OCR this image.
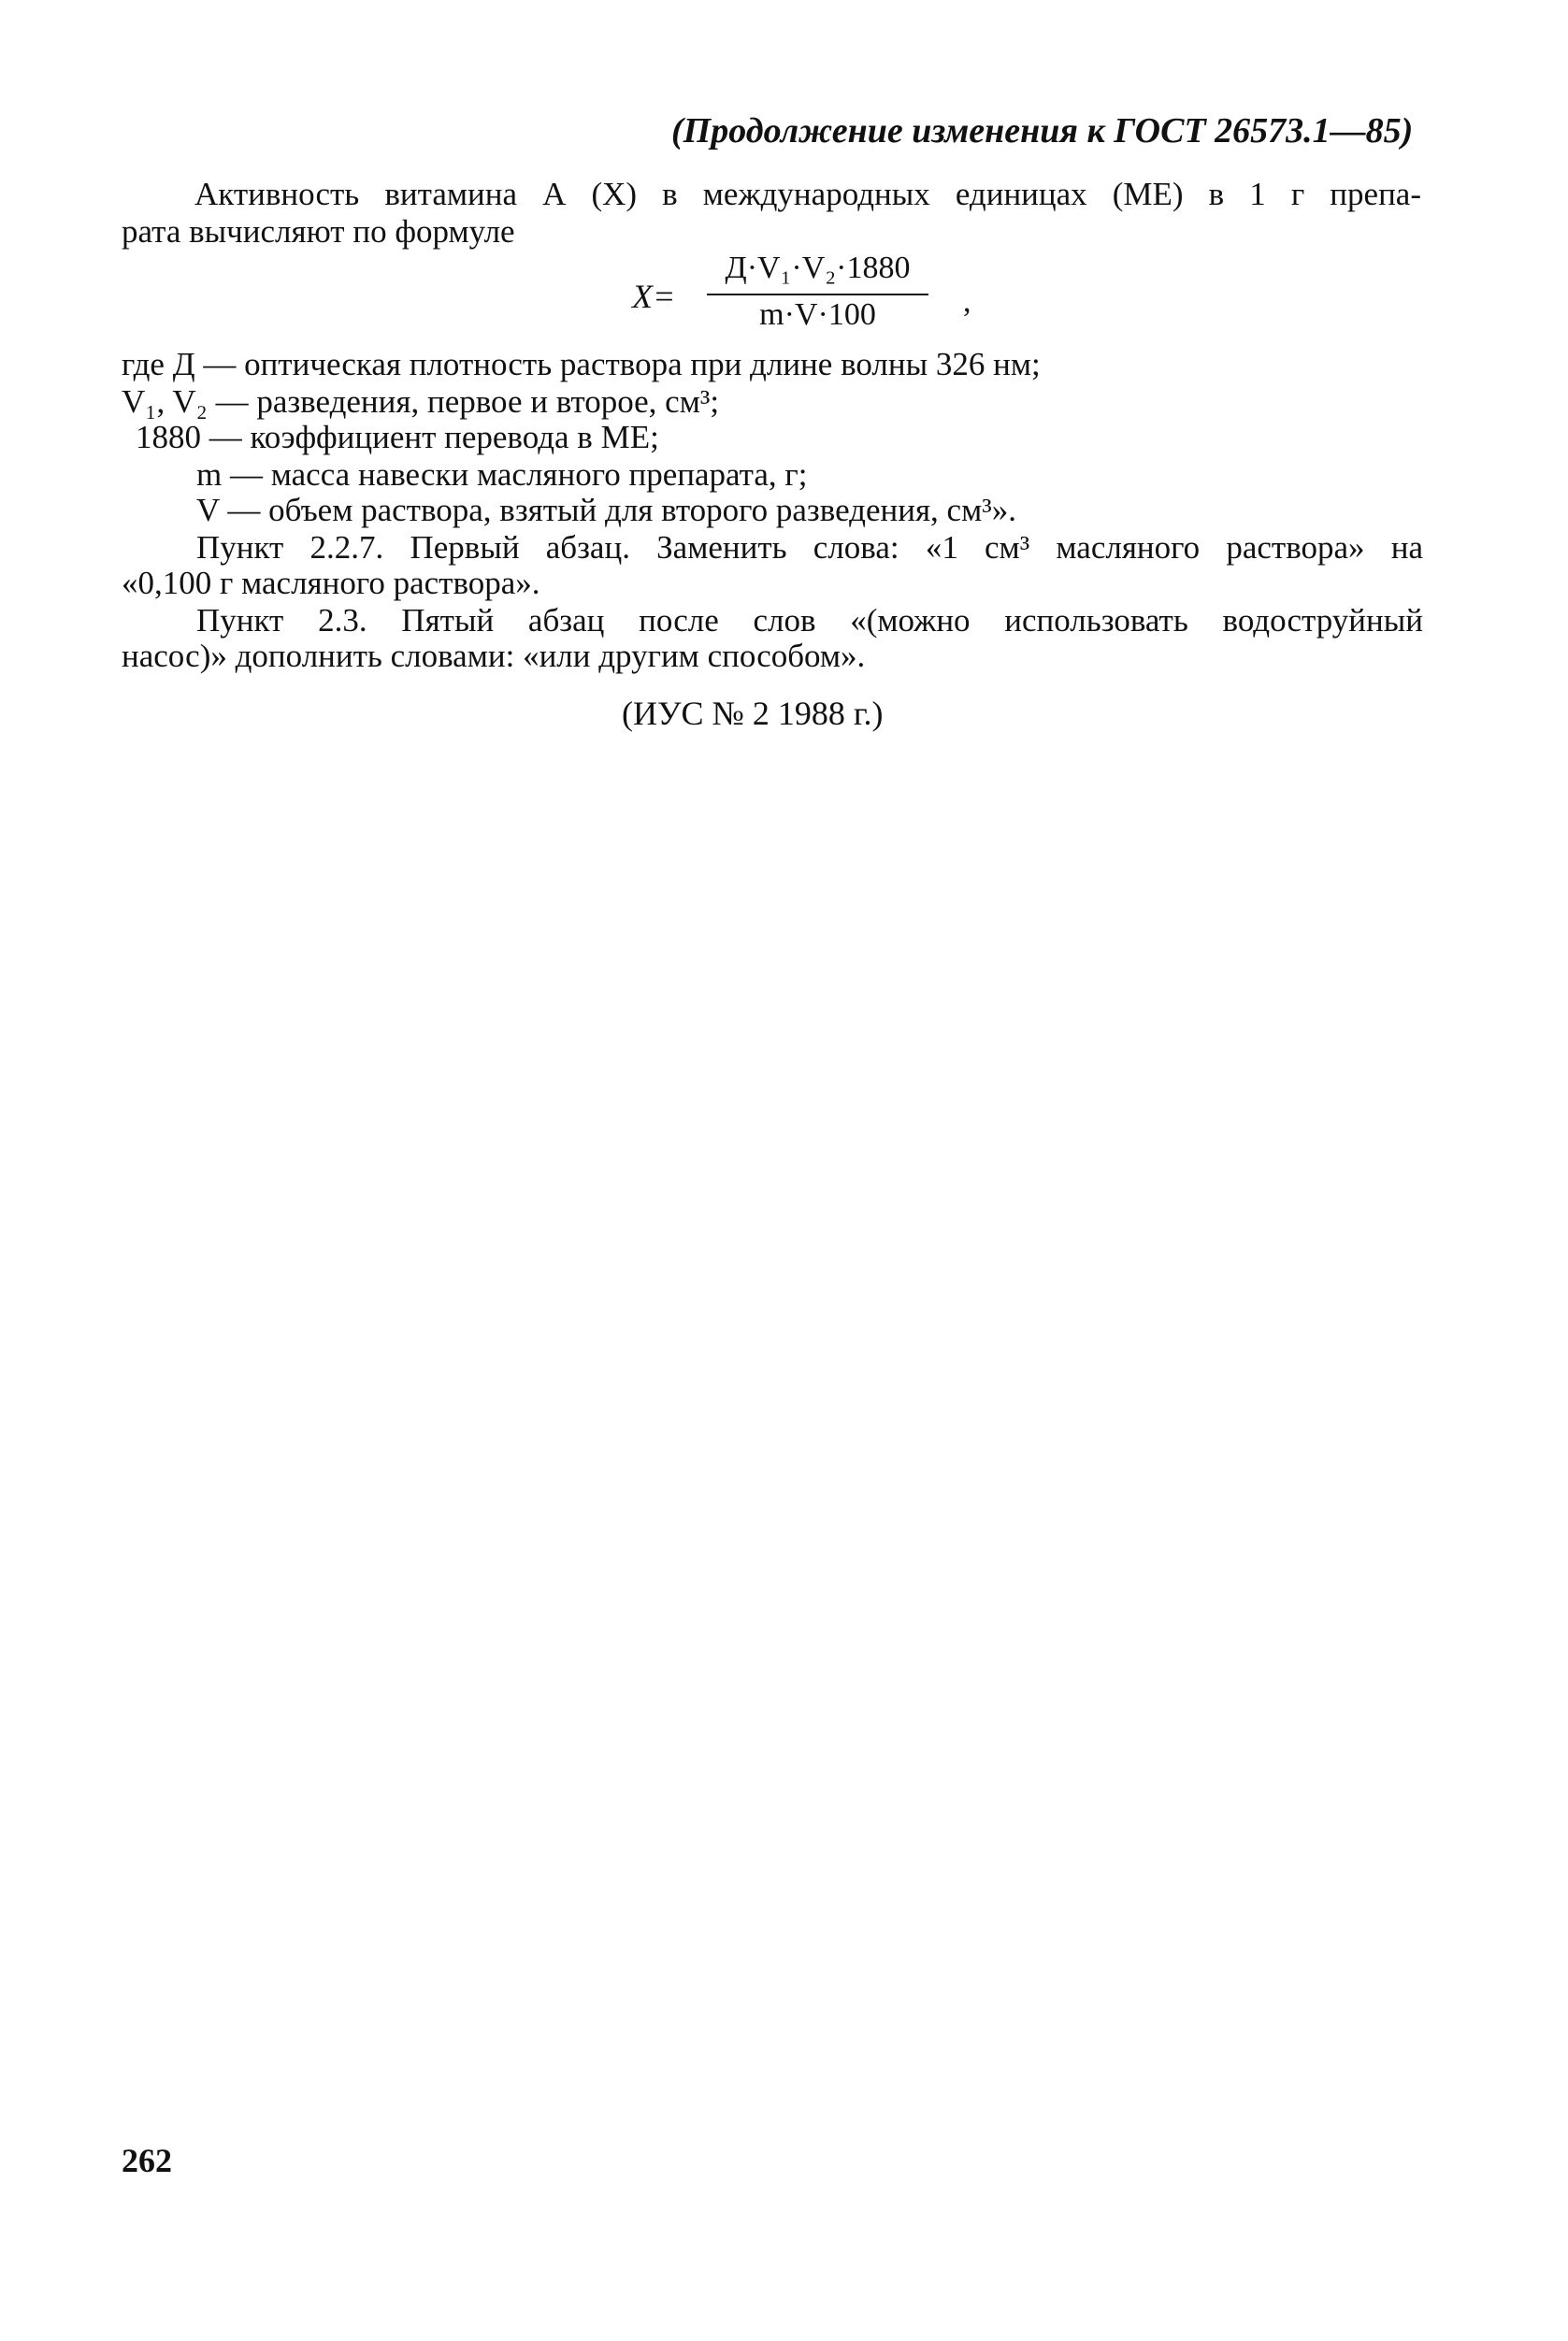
(Продолжение изменения к ГОСТ 26573.1—85)
Активность витамина А (X) в международных единицах (МЕ) в 1 г препа-
рата вычисляют по формуле
X=
Д·V₁·V₂·1880
m·V·100	,
где Д — оптическая плотность раствора при длине волны 326 нм;
V₁, V₂ — разведения, первое и второе, см³;
1880 — коэффициент перевода в МЕ;
m — масса навески масляного препарата, г;
V — объем раствора, взятый для второго разведения, см³».
Пункт 2.2.7. Первый абзац. Заменить слова: «1 см³ масляного раствора» на
«0,100 г масляного раствора».
Пункт 2.3. Пятый абзац после слов «(можно использовать водоструйный
насос)» дополнить словами: «или другим способом».
(ИУС № 2 1988 г.)
262
